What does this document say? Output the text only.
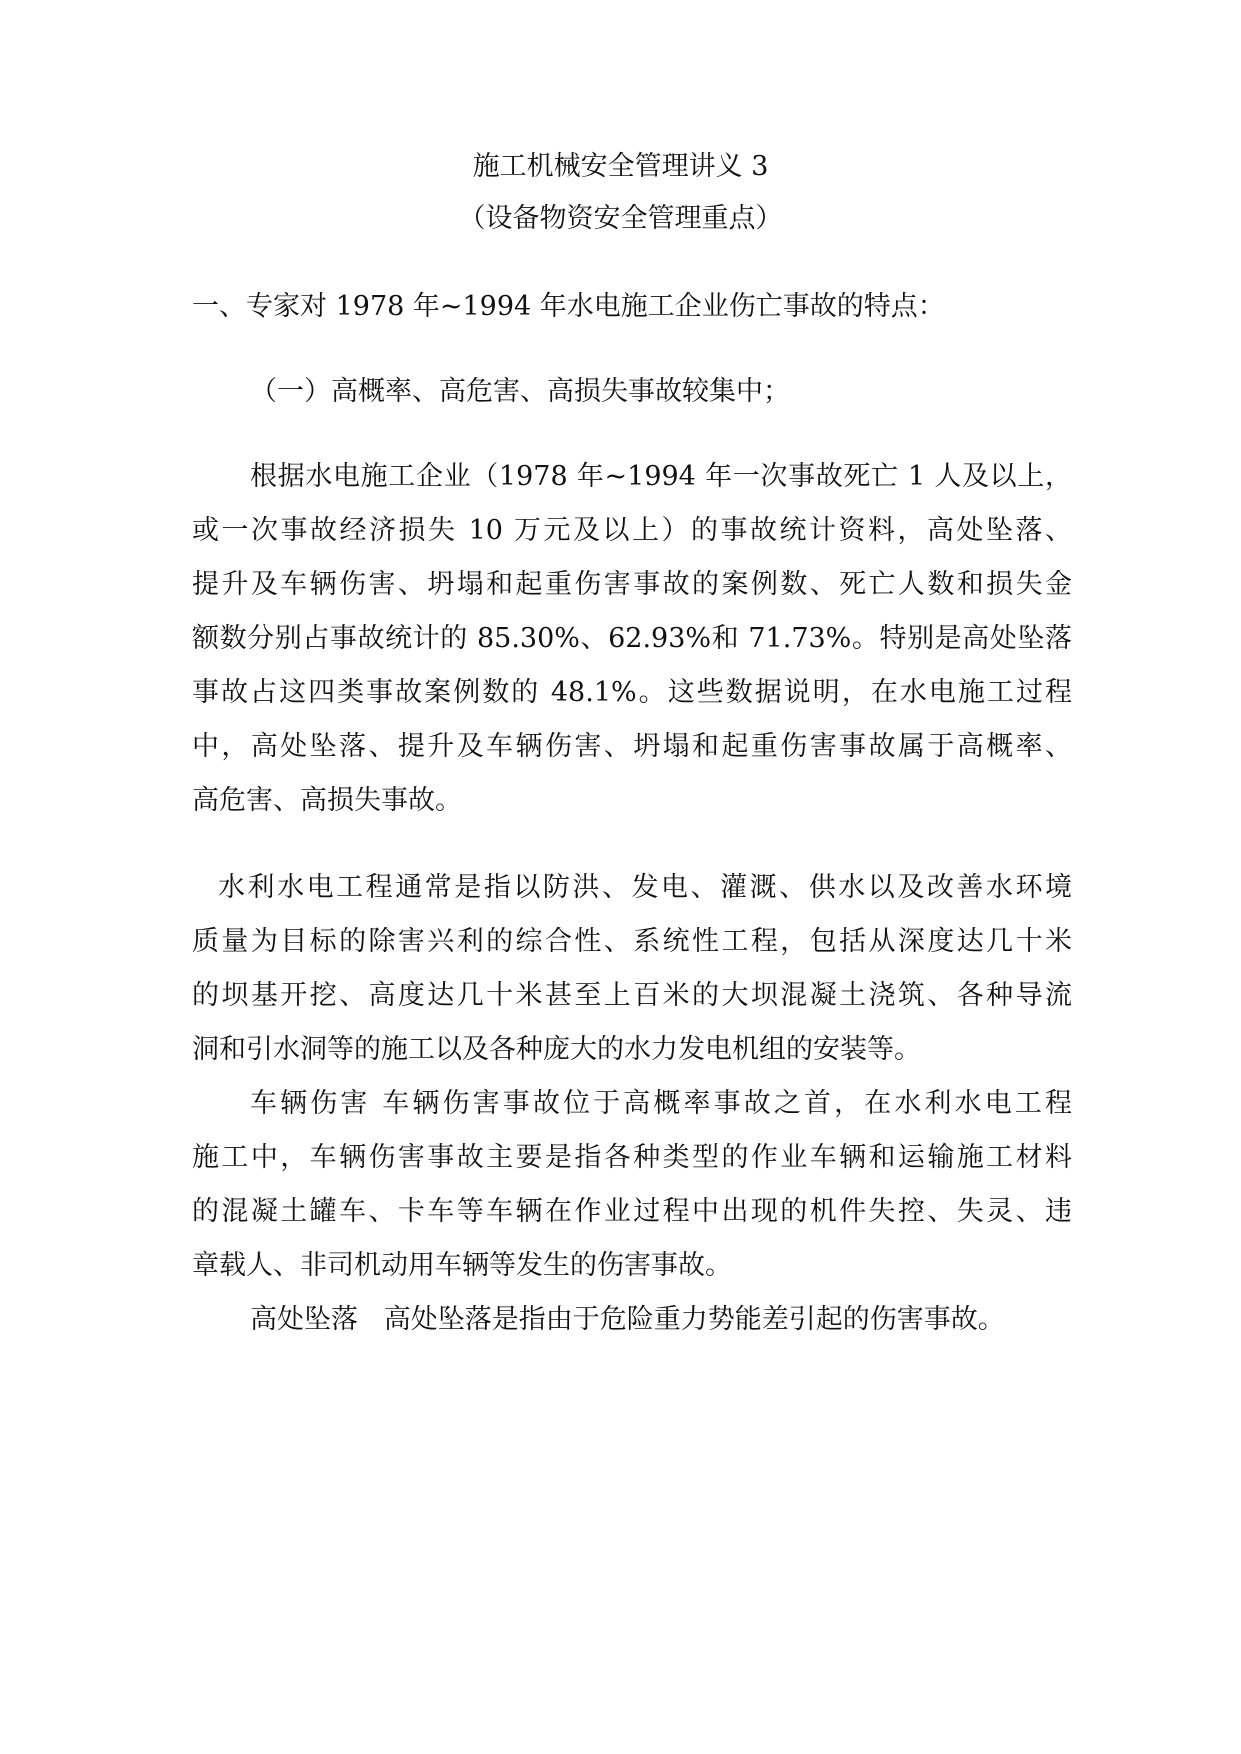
施工机械安全管理讲义 3
（设备物资安全管理重点）
一、专家对 1978 年~1994 年水电施工企业伤亡事故的特点：
（一）高概率、高危害、高损失事故较集中；
根据水电施工企业（1978 年~1994 年一次事故死亡 1 人及以上，
或一次事故经济损失 10 万元及以上）的事故统计资料，高处坠落、
提升及车辆伤害、坍塌和起重伤害事故的案例数、死亡人数和损失金
额数分别占事故统计的 85.30%、62.93%和 71.73%。特别是高处坠落
事故占这四类事故案例数的 48.1%。这些数据说明，在水电施工过程
中，高处坠落、提升及车辆伤害、坍塌和起重伤害事故属于高概率、
高危害、高损失事故。
水利水电工程通常是指以防洪、发电、灌溉、供水以及改善水环境
质量为目标的除害兴利的综合性、系统性工程，包括从深度达几十米
的坝基开挖、高度达几十米甚至上百米的大坝混凝土浇筑、各种导流
洞和引水洞等的施工以及各种庞大的水力发电机组的安装等。
车辆伤害 车辆伤害事故位于高概率事故之首，在水利水电工程
施工中，车辆伤害事故主要是指各种类型的作业车辆和运输施工材料
的混凝土罐车、卡车等车辆在作业过程中出现的机件失控、失灵、违
章载人、非司机动用车辆等发生的伤害事故。
高处坠落   高处坠落是指由于危险重力势能差引起的伤害事故。
